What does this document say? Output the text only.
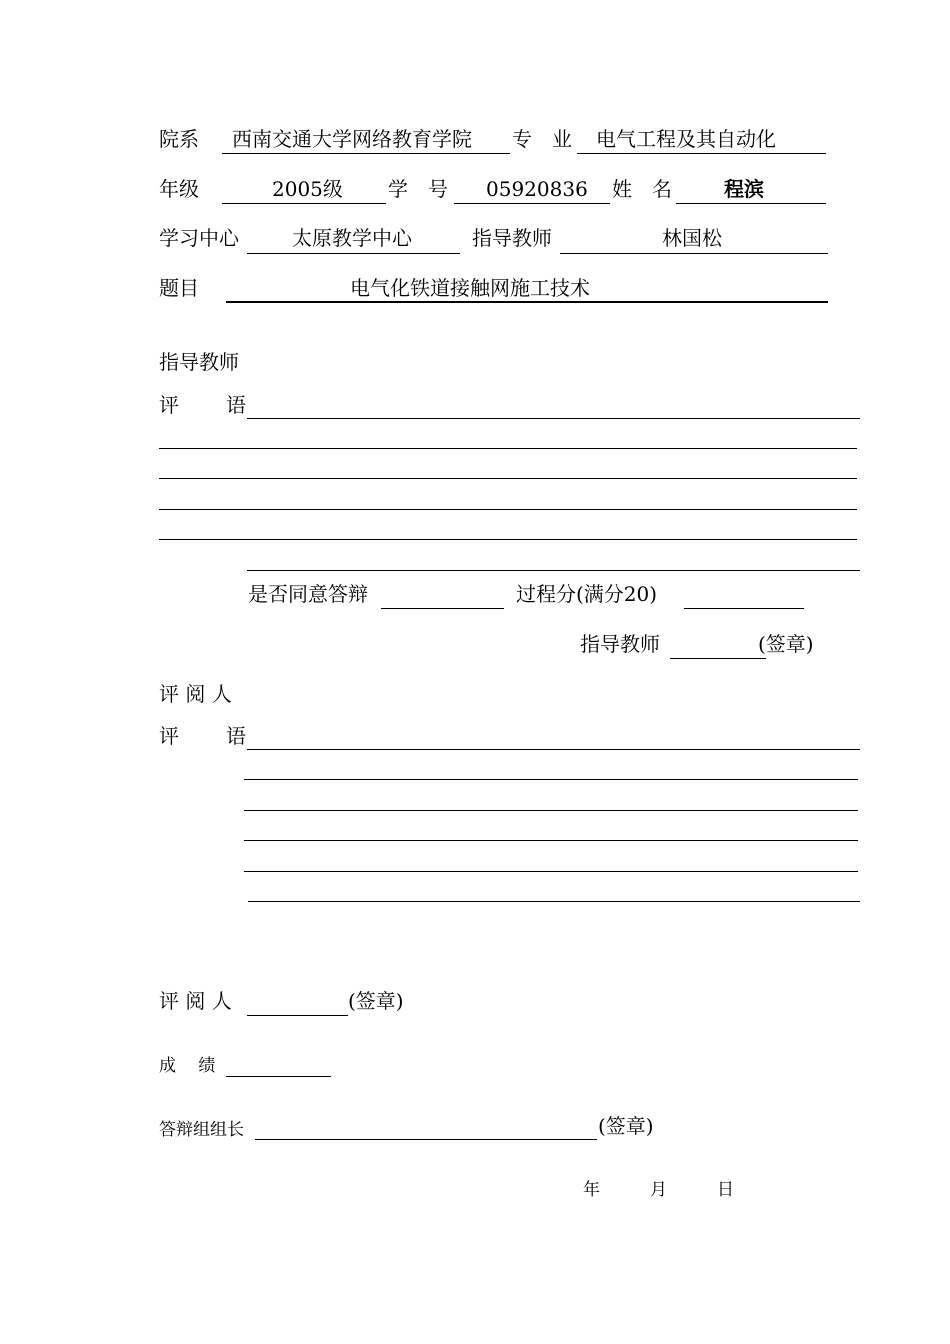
院系 西南交通大学网络教育学院 专　业 电气工程及其自动化
年级	2005级 学　号 05920836 姓　名	程滨
学习中心	太原教学中心	指导教师	林国松
题目	电气化铁道接触网施工技术
指导教师
评 语
是否同意答辩	过程分(满分20)
指导教师	(签章)
评 阅 人
评 语
评 阅 人	(签章)
成　 绩
答辩组组长	(签章)
年	月	日
